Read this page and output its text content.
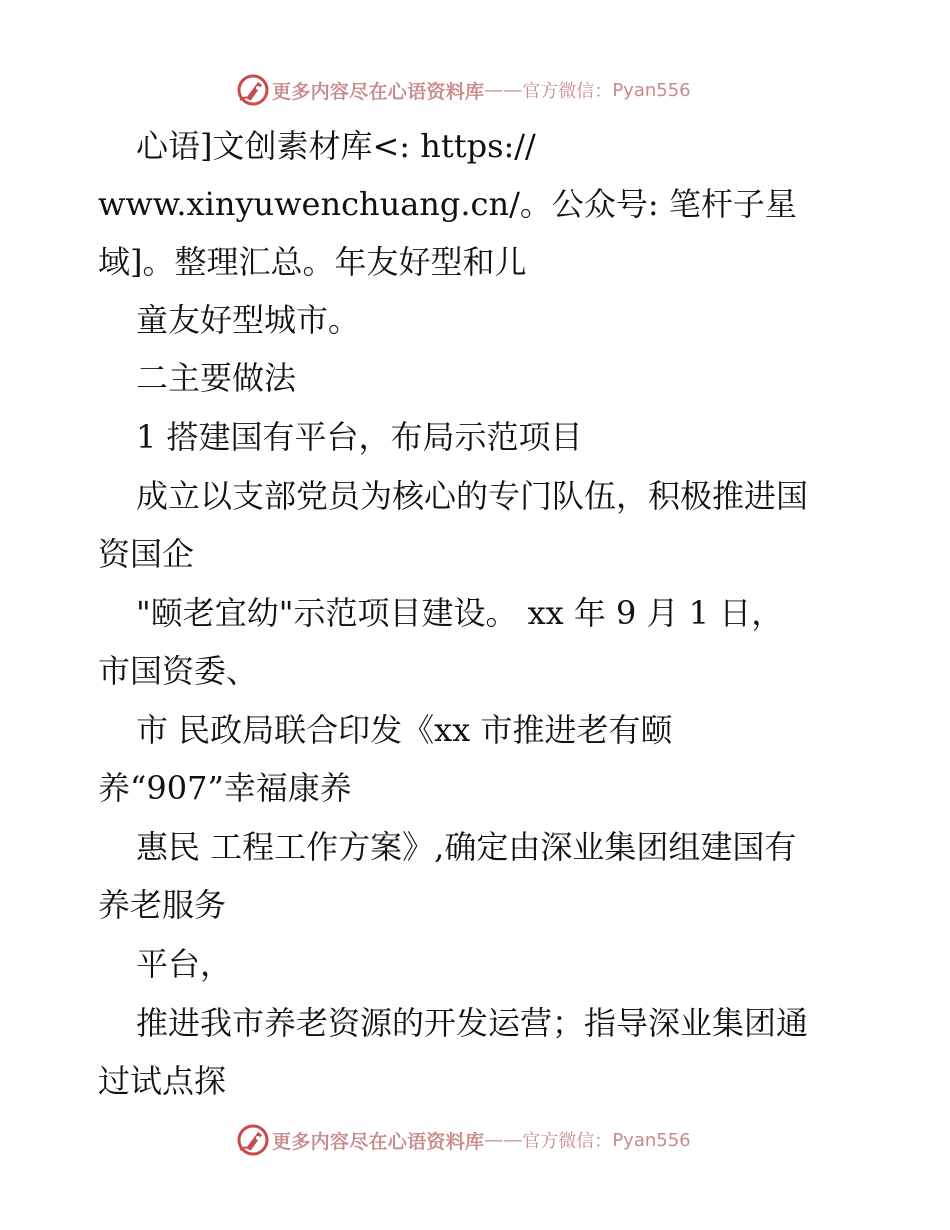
更多内容尽在心语资料库 —— 官方微信： Pyan556

心语]文创素材库<: https://

www.xinyuwenchuang.cn/。公众号: 笔杆子星

域]。整理汇总。年友好型和儿

童友好型城市。

二主要做法

1 搭建国有平台，布局示范项目

成立以支部党员为核心的专门队伍，积极推进国

资国企

"颐老宜幼"示范项目建设。 xx 年 9 月 1 日，

市国资委、

市 民政局联合印发《xx 市推进老有颐

养“907”幸福康养

惠民 工程工作方案》,确定由深业集团组建国有

养老服务

平台，

推进我市养老资源的开发运营；指导深业集团通

过试点探

更多内容尽在心语资料库 —— 官方微信： Pyan556
